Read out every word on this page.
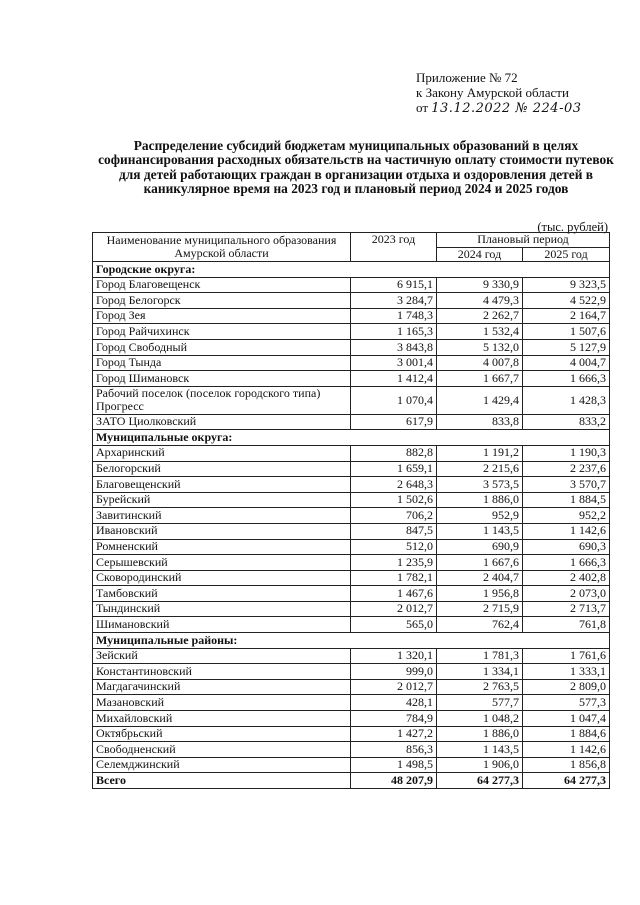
Приложение № 72
к Закону Амурской области
от 13.12.2022 № 224-03
Распределение субсидий бюджетам муниципальных образований в целях софинансирования расходных обязательств на частичную оплату стоимости путевок для детей работающих граждан в организации отдыха и оздоровления детей в каникулярное время на 2023 год и плановый период 2024 и 2025 годов
(тыс. рублей)
Наименование муниципального образования Амурской области	2023 год	Плановый период	
		2024 год	2025 год
Городские округа:			
Город Благовещенск	6 915,1	9 330,9	9 323,5
Город Белогорск	3 284,7	4 479,3	4 522,9
Город Зея	1 748,3	2 262,7	2 164,7
Город Райчихинск	1 165,3	1 532,4	1 507,6
Город Свободный	3 843,8	5 132,0	5 127,9
Город Тында	3 001,4	4 007,8	4 004,7
Город Шимановск	1 412,4	1 667,7	1 666,3
Рабочий поселок (поселок городского типа) Прогресс	1 070,4	1 429,4	1 428,3
ЗАТО Циолковский	617,9	833,8	833,2
Муниципальные округа:			
Архаринский	882,8	1 191,2	1 190,3
Белогорский	1 659,1	2 215,6	2 237,6
Благовещенский	2 648,3	3 573,5	3 570,7
Бурейский	1 502,6	1 886,0	1 884,5
Завитинский	706,2	952,9	952,2
Ивановский	847,5	1 143,5	1 142,6
Ромненский	512,0	690,9	690,3
Серышевский	1 235,9	1 667,6	1 666,3
Сковородинский	1 782,1	2 404,7	2 402,8
Тамбовский	1 467,6	1 956,8	2 073,0
Тындинский	2 012,7	2 715,9	2 713,7
Шимановский	565,0	762,4	761,8
Муниципальные районы:			
Зейский	1 320,1	1 781,3	1 761,6
Константиновский	999,0	1 334,1	1 333,1
Магдагачинский	2 012,7	2 763,5	2 809,0
Мазановский	428,1	577,7	577,3
Михайловский	784,9	1 048,2	1 047,4
Октябрьский	1 427,2	1 886,0	1 884,6
Свободненский	856,3	1 143,5	1 142,6
Селемджинский	1 498,5	1 906,0	1 856,8
Всего	48 207,9	64 277,3	64 277,3
